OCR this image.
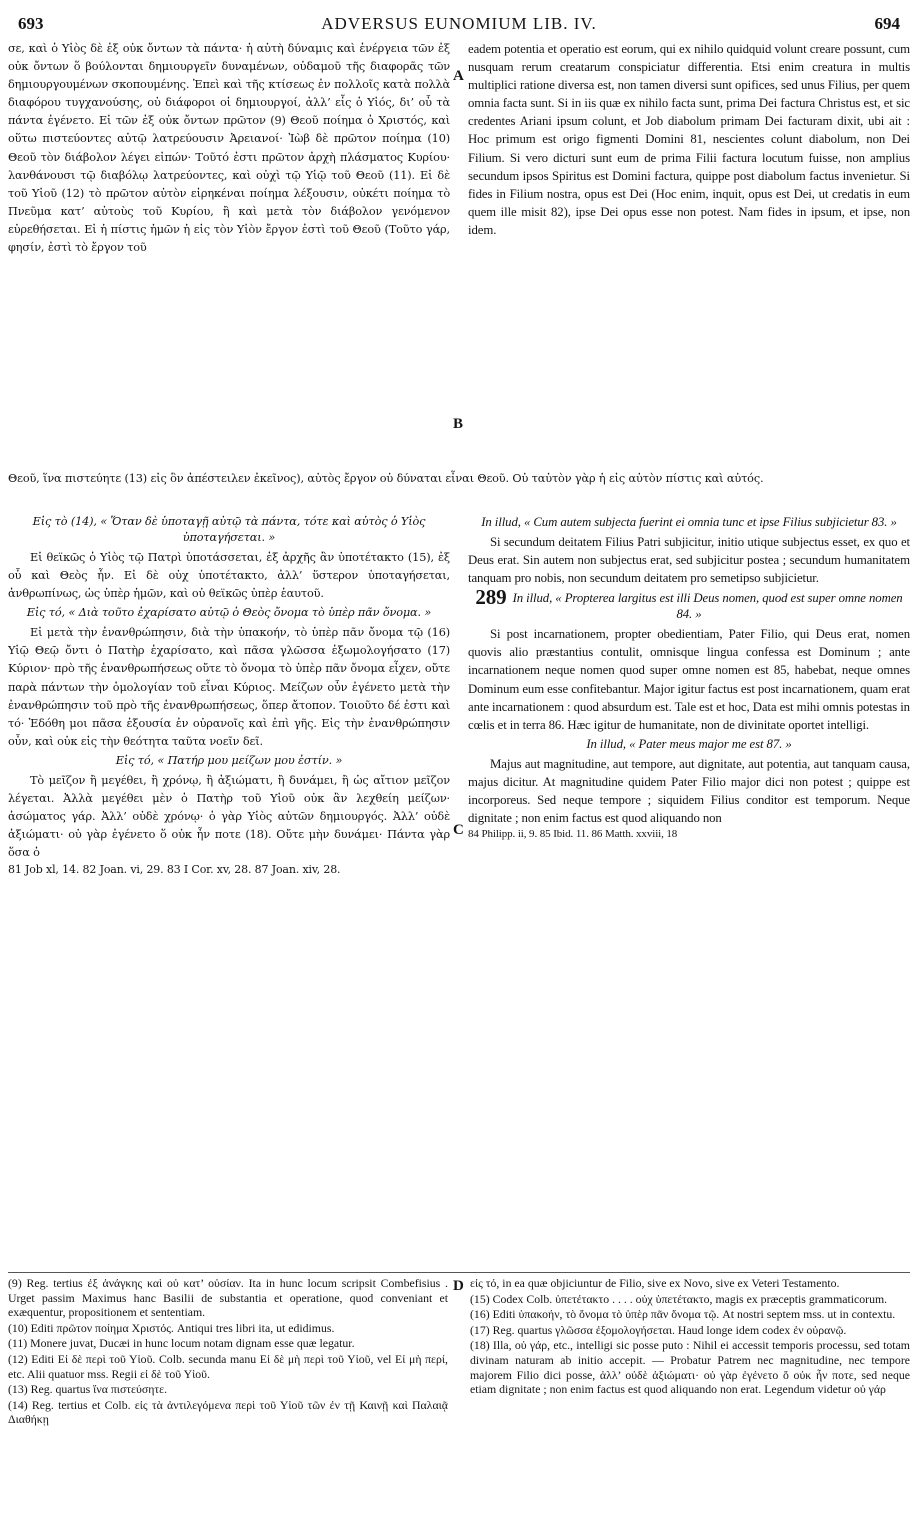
693	ADVERSUS EUNOMIUM LIB. IV.	694

σε, καὶ ὁ Υἱὸς δὲ ἐξ οὐκ ὄντων τὰ πάντα· ἡ αὐτὴ δύναμις καὶ ἐνέργεια τῶν ἐξ οὐκ ὄντων ὅ βούλονται δημιουργεῖν δυναμένων, οὐδαμοῦ τῆς διαφορᾶς τῶν δημιουργουμένων σκοπουμένης. Ἐπεὶ καὶ τῆς κτίσεως ἐν πολλοῖς κατὰ πολλὰ διαφόρου τυγχανούσης, οὐ διάφοροι οἱ δημιουργοί, ἀλλ’ εἷς ὁ Υἱός, δι’ οὗ τὰ πάντα ἐγένετο. Εἰ τῶν ἐξ οὐκ ὄντων πρῶτον (9) Θεοῦ ποίημα ὁ Χριστός, καὶ οὕτω πιστεύοντες αὐτῷ λατρεύουσιν Ἀρειανοί· Ἰὼβ δὲ πρῶτον ποίημα (10) Θεοῦ τὸν διάβολον λέγει εἰπών· Τοῦτό ἐστι πρῶτον ἀρχὴ πλάσματος Κυρίου· λανθάνουσι τῷ διαβόλῳ λατρεύοντες, καὶ οὐχὶ τῷ Υἱῷ τοῦ Θεοῦ (11). Εἰ δὲ τοῦ Υἱοῦ (12) τὸ πρῶτον αὐτὸν εἰρηκέναι ποίημα λέξουσιν, οὐκέτι ποίημα τὸ Πνεῦμα κατ’ αὐτοὺς τοῦ Κυρίου, ἢ καὶ μετὰ τὸν διάβολον γενόμενον εὑρεθήσεται. Εἰ ἡ πίστις ἡμῶν ἡ εἰς τὸν Υἱὸν ἔργον ἐστὶ τοῦ Θεοῦ (Τοῦτο γάρ, φησίν, ἐστὶ τὸ ἔργον τοῦ

eadem potentia et operatio est eorum, qui ex nihilo quidquid volunt creare possunt, cum nusquam rerum creatarum conspiciatur differentia. Etsi enim creatura in multis multiplici ratione diversa est, non tamen diversi sunt opifices, sed unus Filius, per quem omnia facta sunt. Si in iis quæ ex nihilo facta sunt, prima Dei factura Christus est, et sic credentes Ariani ipsum colunt, et Job diabolum primam Dei facturam dixit, ubi ait : Hoc primum est origo figmenti Domini 81, nescientes colunt diabolum, non Dei Filium. Si vero dicturi sunt eum de prima Filii factura locutum fuisse, non amplius secundum ipsos Spiritus est Domini factura, quippe post diabolum factus invenietur. Si fides in Filium nostra, opus est Dei (Hoc enim, inquit, opus est Dei, ut credatis in eum quem ille misit 82), ipse Dei opus esse non potest. Nam fides in ipsum, et ipse, non idem.

A
B

Θεοῦ, ἵνα πιστεύητε (13) εἰς ὃν ἀπέστειλεν ἐκεῖνος), αὐτὸς ἔργον οὐ δύναται εἶναι Θεοῦ. Οὐ ταὐτὸν γὰρ ἡ εἰς αὐτὸν πίστις καὶ αὐτός.

Εἰς τὸ (14), « Ὅταν δὲ ὑποταγῇ αὐτῷ τὰ πάντα, τότε καὶ αὐτὸς ὁ Υἱὸς ὑποταγήσεται. »

Εἰ θεϊκῶς ὁ Υἱὸς τῷ Πατρὶ ὑποτάσσεται, ἐξ ἀρχῆς ἂν ὑποτέτακτο (15), ἐξ οὗ καὶ Θεὸς ἦν. Εἰ δὲ οὐχ ὑποτέτακτο, ἀλλ’ ὕστερον ὑποταγήσεται, ἀνθρωπίνως, ὡς ὑπὲρ ἡμῶν, καὶ οὐ θεϊκῶς ὑπὲρ ἑαυτοῦ.

Εἰς τό, « Διὰ τοῦτο ἐχαρίσατο αὐτῷ ὁ Θεὸς ὄνομα τὸ ὑπὲρ πᾶν ὄνομα. »

Εἰ μετὰ τὴν ἐνανθρώπησιν, διὰ τὴν ὑπακοήν, τὸ ὑπὲρ πᾶν ὄνομα τῷ (16) Υἱῷ Θεῷ ὄντι ὁ Πατὴρ ἐχαρίσατο, καὶ πᾶσα γλῶσσα ἐξωμολογήσατο (17) Κύριον· πρὸ τῆς ἐνανθρωπήσεως οὔτε τὸ ὄνομα τὸ ὑπὲρ πᾶν ὄνομα εἶχεν, οὔτε παρὰ πάντων τὴν ὁμολογίαν τοῦ εἶναι Κύριος. Μείζων οὖν ἐγένετο μετὰ τὴν ἐνανθρώπησιν τοῦ πρὸ τῆς ἐνανθρωπήσεως, ὅπερ ἄτοπον. Τοιοῦτο δέ ἐστι καὶ τό· Ἐδόθη μοι πᾶσα ἐξουσία ἐν οὐρανοῖς καὶ ἐπὶ γῆς. Εἰς τὴν ἐνανθρώπησιν οὖν, καὶ οὐκ εἰς τὴν θεότητα ταῦτα νοεῖν δεῖ.

Εἰς τό, « Πατήρ μου μείζων μου ἐστίν. »

Τὸ μεῖζον ἢ μεγέθει, ἢ χρόνῳ, ἢ ἀξιώματι, ἢ δυνάμει, ἢ ὡς αἴτιον μεῖζον λέγεται. Ἀλλὰ μεγέθει μὲν ὁ Πατὴρ τοῦ Υἱοῦ οὐκ ἂν λεχθείη μείζων· ἀσώματος γάρ. Ἀλλ’ οὐδὲ χρόνῳ· ὁ γὰρ Υἱὸς αὐτῶν δημιουργός. Ἀλλ’ οὐδὲ ἀξιώματι· οὐ γὰρ ἐγένετο ὅ οὐκ ἦν ποτε (18). Οὔτε μὴν δυνάμει· Πάντα γὰρ ὅσα ὁ

81 Job xl, 14. 82 Joan. vi, 29. 83 I Cor. xv, 28. 87 Joan. xiv, 28.

In illud, « Cum autem subjecta fuerint ei omnia tunc et ipse Filius subjicietur 83. »

Si secundum deitatem Filius Patri subjicitur, initio utique subjectus esset, ex quo et Deus erat. Sin autem non subjectus erat, sed subjicitur postea ; secundum humanitatem tanquam pro nobis, non secundum deitatem pro semetipso subjicietur.

289 In illud, « Propterea largitus est illi Deus nomen, quod est super omne nomen 84. »

Si post incarnationem, propter obedientiam, Pater Filio, qui Deus erat, nomen quovis alio præstantius contulit, omnisque lingua confessa est Dominum ; ante incarnationem neque nomen quod super omne nomen est 85, habebat, neque omnes Dominum eum esse confitebantur. Major igitur factus est post incarnationem, quam erat ante incarnationem : quod absurdum est. Tale est et hoc, Data est mihi omnis potestas in cœlis et in terra 86. Hæc igitur de humanitate, non de divinitate oportet intelligi.

In illud, « Pater meus major me est 87. »

Majus aut magnitudine, aut tempore, aut dignitate, aut potentia, aut tanquam causa, majus dicitur. At magnitudine quidem Pater Filio major dici non potest ; quippe est incorporeus. Sed neque tempore ; siquidem Filius conditor est temporum. Neque dignitate ; non enim factus est quod aliquando non

84 Philipp. ii, 9. 85 Ibid. 11. 86 Matth. xxviii, 18

C
D

(9) Reg. tertius ἐξ ἀνάγκης καὶ οὐ κατ’ οὐσίαν. Ita in hunc locum scripsit Combefisius . Urget passim Maximus hanc Basilii de substantia et operatione, quod conveniant et exæquentur, propositionem et sententiam.

(10) Editi πρῶτον ποίημα Χριστός. Antiqui tres libri ita, ut edidimus.

(11) Monere juvat, Ducæi in hunc locum notam dignam esse quæ legatur.

(12) Editi Εἰ δὲ περὶ τοῦ Υἱοῦ. Colb. secunda manu Εἰ δὲ μὴ περὶ τοῦ Υἱοῦ, vel Εἰ μὴ περί, etc. Alii quatuor mss. Regii εἰ δὲ τοῦ Υἱοῦ.

(13) Reg. quartus ἵνα πιστεύσητε.

(14) Reg. tertius et Colb. εἰς τὰ ἀντιλεγόμενα περὶ τοῦ Υἱοῦ τῶν ἐν τῇ Καινῇ καὶ Παλαιᾷ Διαθήκῃ

εἰς τό, in ea quæ objiciuntur de Filio, sive ex Novo, sive ex Veteri Testamento.

(15) Codex Colb. ὑπετέτακτο . . . . οὐχ ὑπετέτακτο, magis ex præceptis grammaticorum.

(16) Editi ὑπακοήν, τὸ ὄνομα τὸ ὑπὲρ πᾶν ὄνομα τῷ. At nostri septem mss. ut in contextu.

(17) Reg. quartus γλῶσσα ἐξομολογήσεται. Haud longe idem codex ἐν οὐρανῷ.

(18) Illa, οὐ γάρ, etc., intelligi sic posse puto : Nihil ei accessit temporis processu, sed totam divinam naturam ab initio accepit. — Probatur Patrem nec magnitudine, nec tempore majorem Filio dici posse, ἀλλ’ οὐδὲ ἀξιώματι· οὐ γὰρ ἐγένετο ὅ οὐκ ἦν ποτε, sed neque etiam dignitate ; non enim factus est quod aliquando non erat. Legendum videtur οὐ γάρ
